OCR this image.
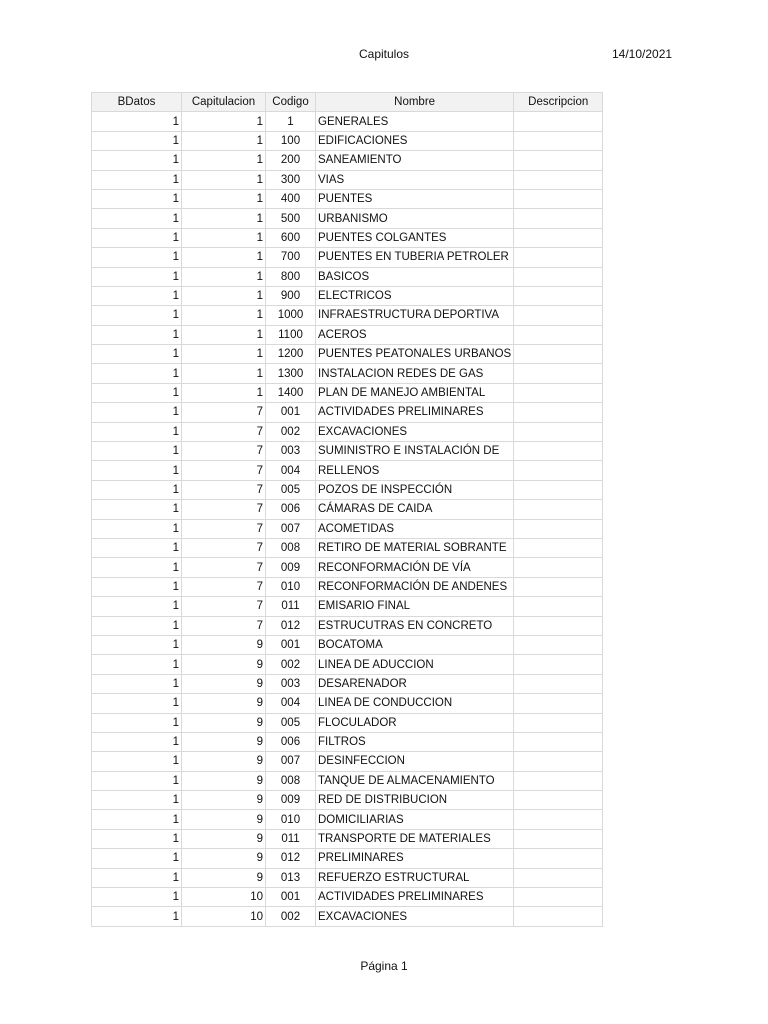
Capitulos	14/10/2021
BDatos	Capitulacion	Codigo	Nombre	Descripcion
1	1	1	GENERALES	
1	1	100	EDIFICACIONES	
1	1	200	SANEAMIENTO	
1	1	300	VIAS	
1	1	400	PUENTES	
1	1	500	URBANISMO	
1	1	600	PUENTES COLGANTES	
1	1	700	PUENTES EN TUBERIA PETROLER	
1	1	800	BASICOS	
1	1	900	ELECTRICOS	
1	1	1000	INFRAESTRUCTURA DEPORTIVA	
1	1	1100	ACEROS	
1	1	1200	PUENTES PEATONALES URBANOS	
1	1	1300	INSTALACION REDES DE GAS	
1	1	1400	PLAN DE MANEJO AMBIENTAL	
1	7	001	ACTIVIDADES PRELIMINARES	
1	7	002	EXCAVACIONES	
1	7	003	SUMINISTRO E INSTALACIÓN DE	
1	7	004	RELLENOS	
1	7	005	POZOS DE INSPECCIÓN	
1	7	006	CÁMARAS DE CAIDA	
1	7	007	ACOMETIDAS	
1	7	008	RETIRO DE MATERIAL SOBRANTE	
1	7	009	RECONFORMACIÓN DE VÍA	
1	7	010	RECONFORMACIÓN DE ANDENES	
1	7	011	EMISARIO FINAL	
1	7	012	ESTRUCUTRAS EN CONCRETO	
1	9	001	BOCATOMA	
1	9	002	LINEA DE ADUCCION	
1	9	003	DESARENADOR	
1	9	004	LINEA DE CONDUCCION	
1	9	005	FLOCULADOR	
1	9	006	FILTROS	
1	9	007	DESINFECCION	
1	9	008	TANQUE DE ALMACENAMIENTO	
1	9	009	RED DE DISTRIBUCION	
1	9	010	DOMICILIARIAS	
1	9	011	TRANSPORTE DE MATERIALES	
1	9	012	PRELIMINARES	
1	9	013	REFUERZO ESTRUCTURAL	
1	10	001	ACTIVIDADES PRELIMINARES	
1	10	002	EXCAVACIONES	
Página 1
